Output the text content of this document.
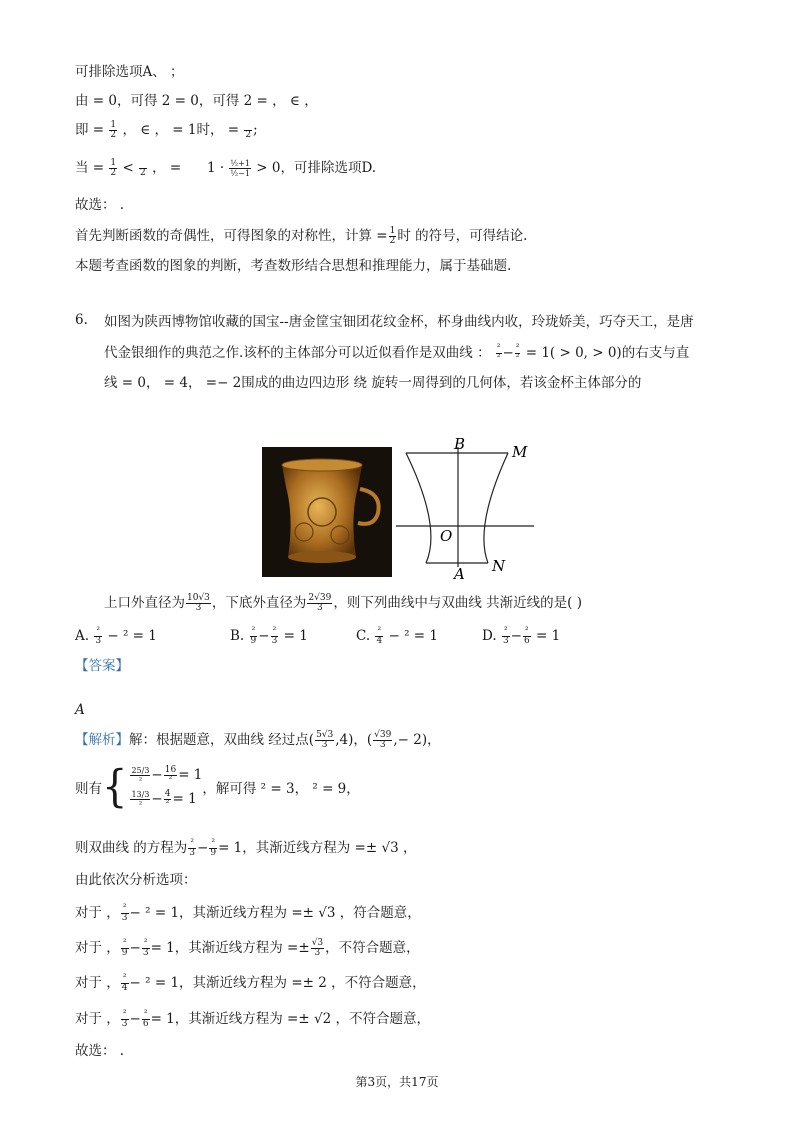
可排除选项A、 ；
由 = 0，可得 2 = 0，可得 2 = ， ∈ ，
即 = $\frac{1}{2}$ ， ∈ ， = 1时， =
2 ;
当 = $\frac{1}{2}$ <
2 ， = $1 \cdot \frac{\text{½+1}}{\text{½−1}} > 0$，可排除选项D.
故选： .
首先判断函数的奇偶性，可得图象的对称性，计算 = $\frac{1}{2}$ 时 的符号，可得结论.
本题考查函数的图象的判断，考查数形结合思想和推理能力，属于基础题.
6. 如图为陕西博物馆收藏的国宝--唐金筐宝钿团花纹金杯，杯身曲线内收，玲珑娇美，巧夺天工，是唐
代金银细作的典范之作.该杯的主体部分可以近似看作是双曲线 ： $\frac{\text{²}}{\text{²}} - \frac{\text{²}}{\text{²}} = 1( > 0$, > 0)的右支与直
线 = 0， = 4， =− 2围成的曲边四边形 绕 旋转一周得到的几何体，若该金杯主体部分的
B	M
O
A N
上口外直径为 $\frac{10√3}{3}$ ，下底外直径为 $\frac{2√39}{3}$ ，则下列曲线中与双曲线 共渐近线的是( )
A. $\frac{\text{²}}{3} - ^2 = 1$	B. $\frac{\text{²}}{9} - \frac{\text{²}}{3} = 1$	C. $\frac{\text{²}}{4} - ^2 = 1$	D. $\frac{\text{²}}{3} - \frac{\text{²}}{6} = 1$
【答案】
A
【解析】解：根据题意，双曲线 经过点( $\frac{5√3}{3} ,4$)，( $\frac{√39}{3}$ ,− 2)，
则有{ $\frac{25/3}{\text{²}} - \frac{16}{\text{²}} = 1$
$\frac{13/3}{\text{²}} - \frac{4}{\text{²}} = 1$
，解可得 ² = 3， ² = 9，
则双曲线 的方程为 $\frac{\text{²}}{3} - \frac{\text{²}}{9} = 1$，其渐近线方程为 =± √3 ，
由此依次分析选项：
对于 ， $\frac{\text{²}}{3} - ^2 = 1$，其渐近线方程为 =± √3 ，符合题意，
对于 ， $\frac{\text{²}}{9} - \frac{\text{²}}{3} = 1$，其渐近线方程为 =± $\frac{√3}{3}$ ，不符合题意，
对于 ， $\frac{\text{²}}{4} - ^2 = 1$，其渐近线方程为 =± 2 ，不符合题意，
对于 ， $\frac{\text{²}}{3} - \frac{\text{²}}{6} = 1$，其渐近线方程为 =± √2 ，不符合题意，
故选： .
第3页，共17页
